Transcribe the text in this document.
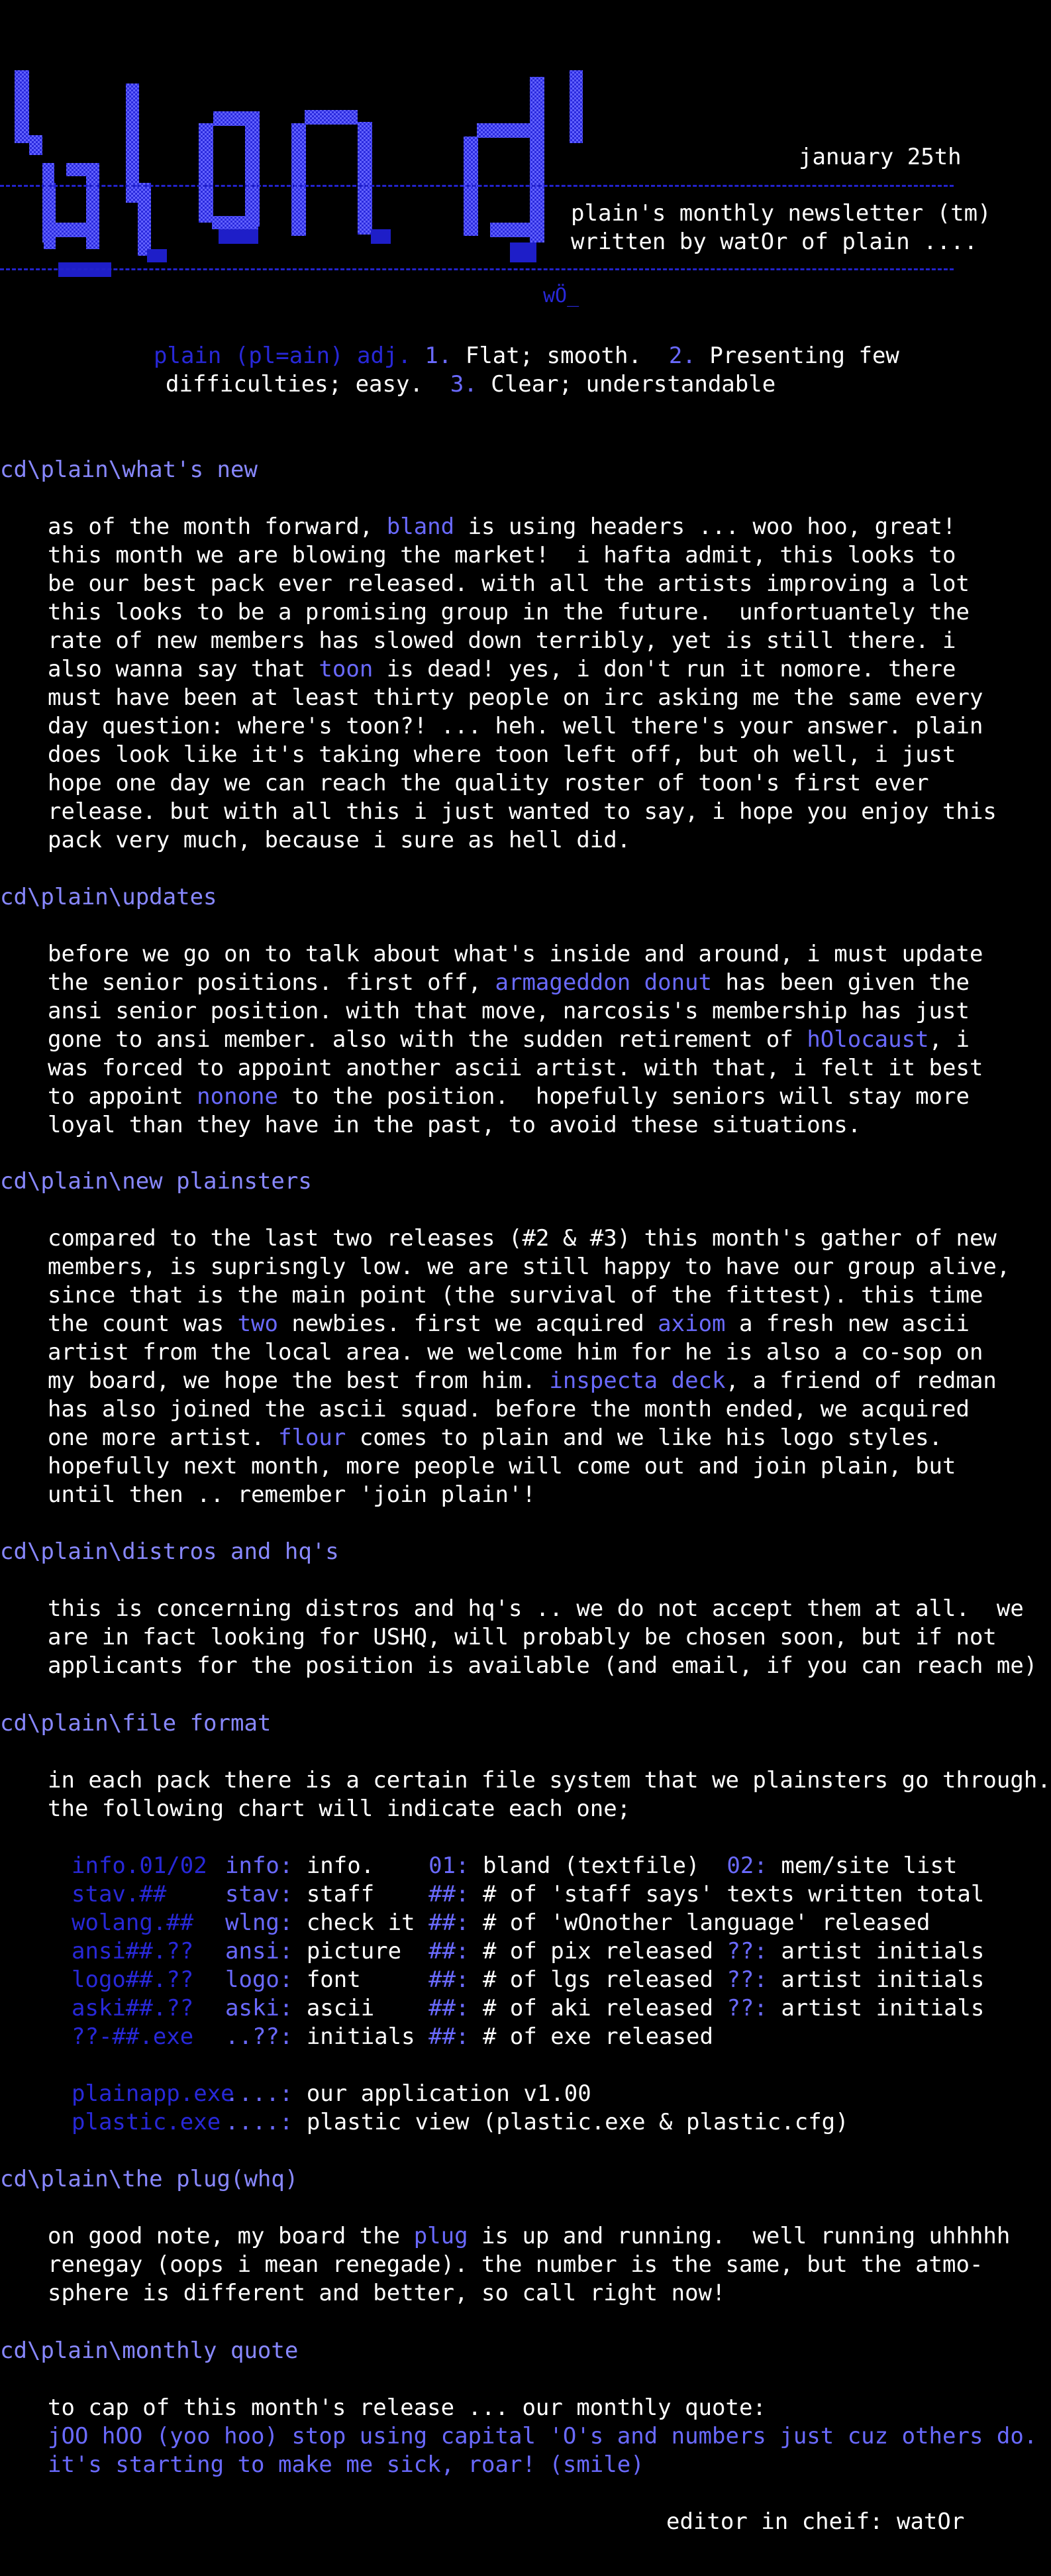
wÖ_
january 25th
plain's monthly newsletter (tm)
written by watOr of plain ....
plain (pl=ain) adj. 1. Flat; smooth.  2. Presenting few
difficulties; easy.  3. Clear; understandable
cd\plain\what's new
as of the month forward, bland is using headers ... woo hoo, great!
this month we are blowing the market!  i hafta admit, this looks to
be our best pack ever released. with all the artists improving a lot
this looks to be a promising group in the future.  unfortuantely the
rate of new members has slowed down terribly, yet is still there. i
also wanna say that toon is dead! yes, i don't run it nomore. there
must have been at least thirty people on irc asking me the same every
day question: where's toon?! ... heh. well there's your answer. plain
does look like it's taking where toon left off, but oh well, i just
hope one day we can reach the quality roster of toon's first ever
release. but with all this i just wanted to say, i hope you enjoy this
pack very much, because i sure as hell did.
cd\plain\updates
before we go on to talk about what's inside and around, i must update
the senior positions. first off, armageddon donut has been given the
ansi senior position. with that move, narcosis's membership has just
gone to ansi member. also with the sudden retirement of hOlocaust, i
was forced to appoint another ascii artist. with that, i felt it best
to appoint nonone to the position.  hopefully seniors will stay more
loyal than they have in the past, to avoid these situations.
cd\plain\new plainsters
compared to the last two releases (#2 & #3) this month's gather of new
members, is suprisngly low. we are still happy to have our group alive,
since that is the main point (the survival of the fittest). this time
the count was two newbies. first we acquired axiom a fresh new ascii
artist from the local area. we welcome him for he is also a co-sop on
my board, we hope the best from him. inspecta deck, a friend of redman
has also joined the ascii squad. before the month ended, we acquired
one more artist. flour comes to plain and we like his logo styles.
hopefully next month, more people will come out and join plain, but
until then .. remember 'join plain'!
cd\plain\distros and hq's
this is concerning distros and hq's .. we do not accept them at all.  we
are in fact looking for USHQ, will probably be chosen soon, but if not
applicants for the position is available (and email, if you can reach me)
cd\plain\file format
in each pack there is a certain file system that we plainsters go through.
the following chart will indicate each one;
info.01/02 info: info.    01: bland (textfile)  02: mem/site list
stav.##	stav: staff    ##: # of 'staff says' texts written total
wolang.## wlng: check it ##: # of 'wOnother language' released
ansi##.?? ansi: picture  ##: # of pix released ??: artist initials
logo##.?? logo: font     ##: # of lgs released ??: artist initials
aski##.?? aski: ascii    ##: # of aki released ??: artist initials
??-##.exe ..??: initials ##: # of exe released
plainapp.exe
....: our application v1.00
plastic.exe ....: plastic view (plastic.exe & plastic.cfg)
cd\plain\the plug(whq)
on good note, my board the plug is up and running.  well running uhhhhh
renegay (oops i mean renegade). the number is the same, but the atmo-
sphere is different and better, so call right now!
cd\plain\monthly quote
to cap of this month's release ... our monthly quote:
jOO hOO (yoo hoo) stop using capital 'O's and numbers just cuz others do.
it's starting to make me sick, roar! (smile)
editor in cheif: watOr
